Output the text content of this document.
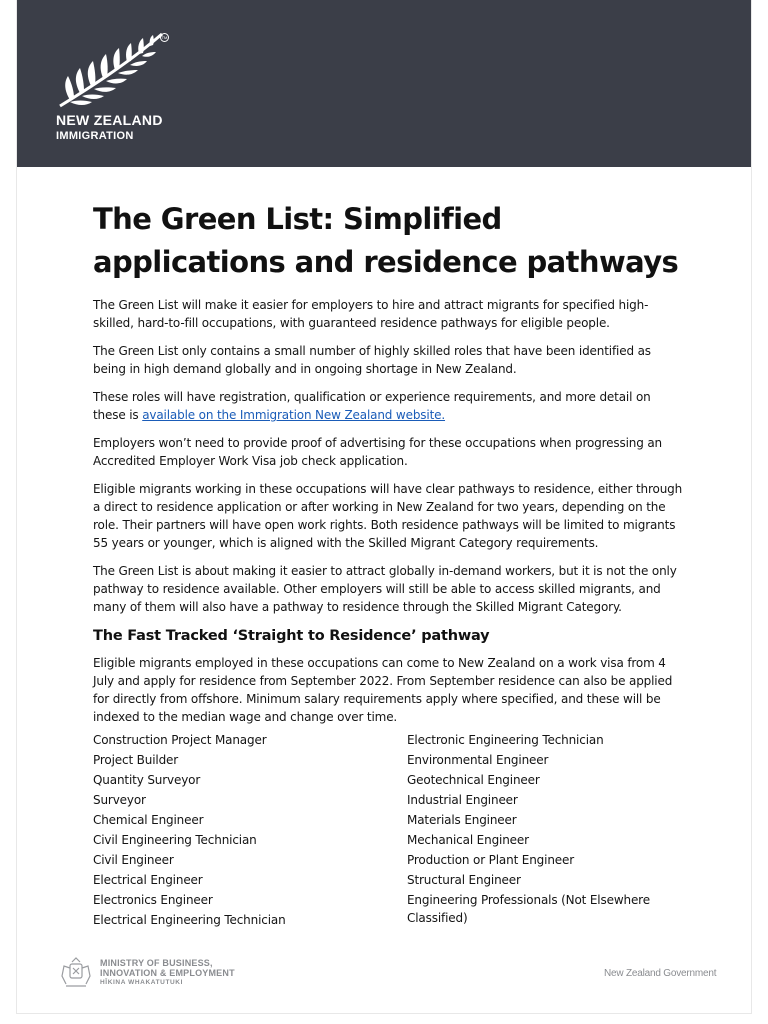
TM
NEW ZEALAND
IMMIGRATION
The Green List: Simplified applications and residence pathways

The Green List will make it easier for employers to hire and attract migrants for specified high-skilled, hard-to-fill occupations, with guaranteed residence pathways for eligible people.

The Green List only contains a small number of highly skilled roles that have been identified as being in high demand globally and in ongoing shortage in New Zealand.

These roles will have registration, qualification or experience requirements, and more detail on these is available on the Immigration New Zealand website.

Employers won’t need to provide proof of advertising for these occupations when progressing an Accredited Employer Work Visa job check application.

Eligible migrants working in these occupations will have clear pathways to residence, either through a direct to residence application or after working in New Zealand for two years, depending on the role. Their partners will have open work rights. Both residence pathways will be limited to migrants 55 years or younger, which is aligned with the Skilled Migrant Category requirements.

The Green List is about making it easier to attract globally in-demand workers, but it is not the only pathway to residence available. Other employers will still be able to access skilled migrants, and many of them will also have a pathway to residence through the Skilled Migrant Category.

The Fast Tracked ‘Straight to Residence’ pathway

Eligible migrants employed in these occupations can come to New Zealand on a work visa from 4 July and apply for residence from September 2022. From September residence can also be applied for directly from offshore. Minimum salary requirements apply where specified, and these will be indexed to the median wage and change over time.

Construction Project Manager
Project Builder
Quantity Surveyor
Surveyor
Chemical Engineer
Civil Engineering Technician
Civil Engineer
Electrical Engineer
Electronics Engineer
Electrical Engineering Technician
Electronic Engineering Technician
Environmental Engineer
Geotechnical Engineer
Industrial Engineer
Materials Engineer
Mechanical Engineer
Production or Plant Engineer
Structural Engineer
Engineering Professionals (Not Elsewhere Classified)
MINISTRY OF BUSINESS,
INNOVATION & EMPLOYMENT
HĪKINA WHAKATUTUKI
New Zealand Government
